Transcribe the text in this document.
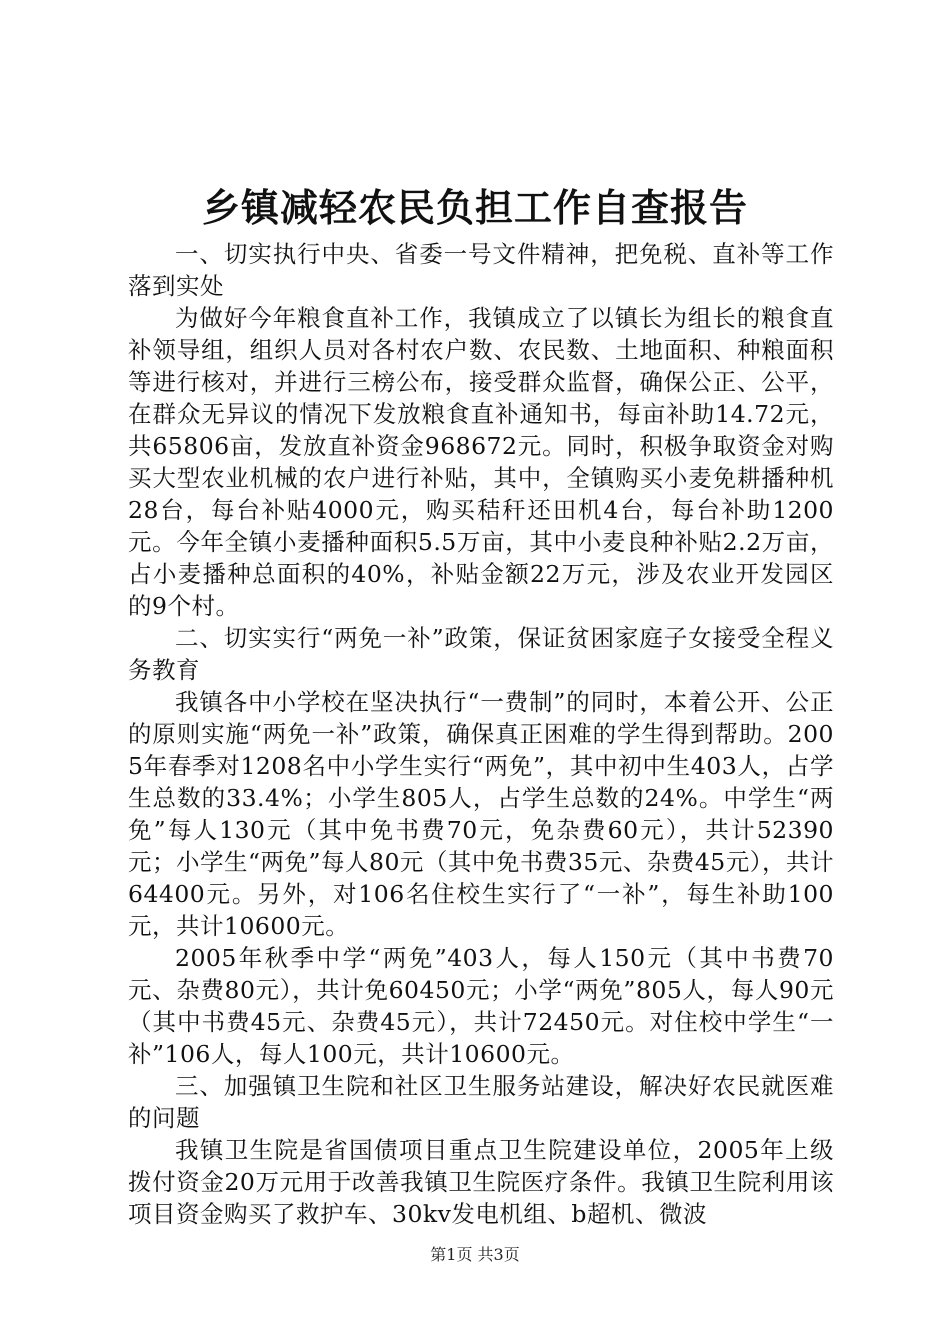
乡镇减轻农民负担工作自查报告

一、切实执行中央、省委一号文件精神，把免税、直补等工作落到实处

为做好今年粮食直补工作，我镇成立了以镇长为组长的粮食直补领导组，组织人员对各村农户数、农民数、土地面积、种粮面积等进行核对，并进行三榜公布，接受群众监督，确保公正、公平，在群众无异议的情况下发放粮食直补通知书，每亩补助14.72元，共65806亩，发放直补资金968672元。同时，积极争取资金对购买大型农业机械的农户进行补贴，其中，全镇购买小麦免耕播种机28台，每台补贴4000元，购买秸秆还田机4台，每台补助1200元。今年全镇小麦播种面积5.5万亩，其中小麦良种补贴2.2万亩，占小麦播种总面积的40%，补贴金额22万元，涉及农业开发园区的9个村。

二、切实实行“两免一补”政策，保证贫困家庭子女接受全程义务教育

我镇各中小学校在坚决执行“一费制”的同时，本着公开、公正的原则实施“两免一补”政策，确保真正困难的学生得到帮助。2005年春季对1208名中小学生实行“两免”，其中初中生403人，占学生总数的33.4%；小学生805人，占学生总数的24%。中学生“两免”每人130元（其中免书费70元，免杂费60元），共计52390元；小学生“两免”每人80元（其中免书费35元、杂费45元），共计64400元。另外，对106名住校生实行了“一补”，每生补助100元，共计10600元。

2005年秋季中学“两免”403人，每人150元（其中书费70元、杂费80元），共计免60450元；小学“两免”805人，每人90元（其中书费45元、杂费45元），共计72450元。对住校中学生“一补”106人，每人100元，共计10600元。

三、加强镇卫生院和社区卫生服务站建设，解决好农民就医难的问题

我镇卫生院是省国债项目重点卫生院建设单位，2005年上级拨付资金20万元用于改善我镇卫生院医疗条件。我镇卫生院利用该项目资金购买了救护车、30kv发电机组、b超机、微波

第1页 共3页
